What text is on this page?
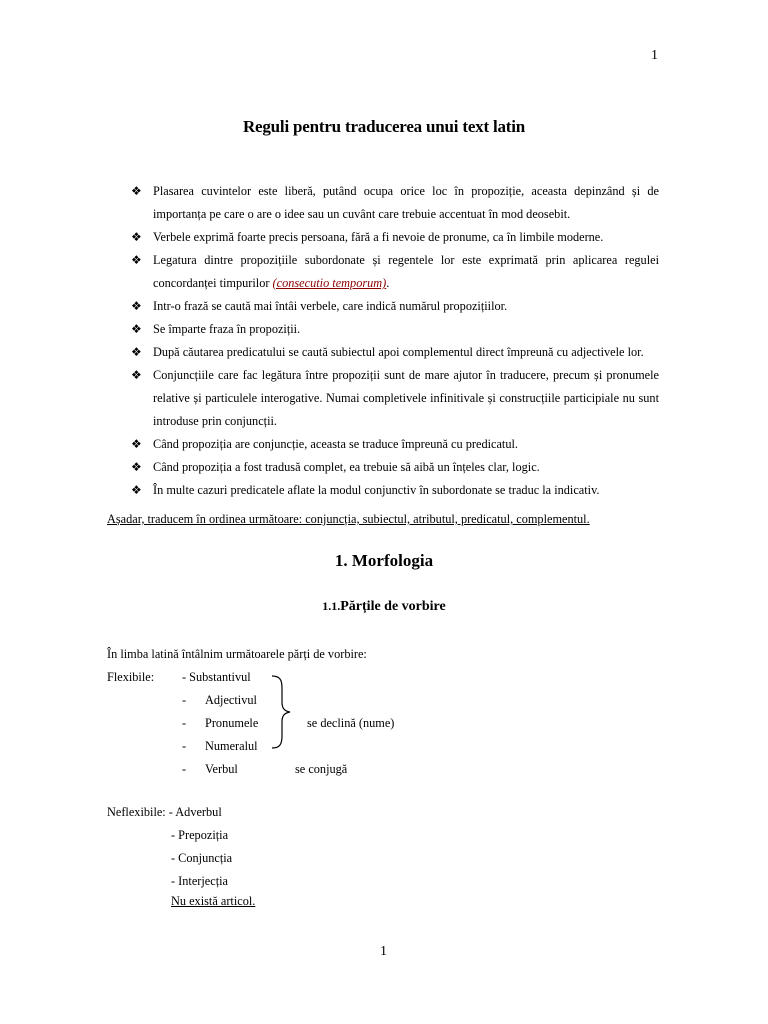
1
Reguli pentru traducerea unui text latin
❖ Plasarea cuvintelor este liberă, putând ocupa orice loc în propoziție, aceasta depinzând și de importanța pe care o are o idee sau un cuvânt care trebuie accentuat în mod deosebit.
❖ Verbele exprimă foarte precis persoana, fără a fi nevoie de pronume, ca în limbile moderne.
❖ Legatura dintre propozițiile subordonate și regentele lor este exprimată prin aplicarea regulei concordanței timpurilor (consecutio temporum).
❖ Intr-o frază se caută mai întâi verbele, care indică numărul propozițiilor.
❖ Se împarte fraza în propoziții.
❖ După căutarea predicatului se caută subiectul apoi complementul direct împreună cu adjectivele lor.
❖ Conjuncțiile care fac legătura între propoziții sunt de mare ajutor în traducere, precum și pronumele relative și particulele interogative. Numai completivele infinitivale și construcțiile participiale nu sunt introduse prin conjuncții.
❖ Când propoziția are conjuncție, aceasta se traduce împreună cu predicatul.
❖ Când propoziția a fost tradusă complet, ea trebuie să aibă un înțeles clar, logic.
❖ În multe cazuri predicatele aflate la modul conjunctiv în subordonate se traduc la indicativ.
Așadar, traducem în ordinea următoare: conjuncția, subiectul, atributul, predicatul, complementul.
1. Morfologia
1.1.Părțile de vorbire
În limba latină întâlnim următoarele părți de vorbire:
Flexibile: - Substantivul
- Adjectivul
- Pronumele
- Numeralul
- Verbul
se declină (nume)
se conjugă
Neflexibile: - Adverbul
- Prepoziția
- Conjuncția
- Interjecția
Nu există articol.
1
